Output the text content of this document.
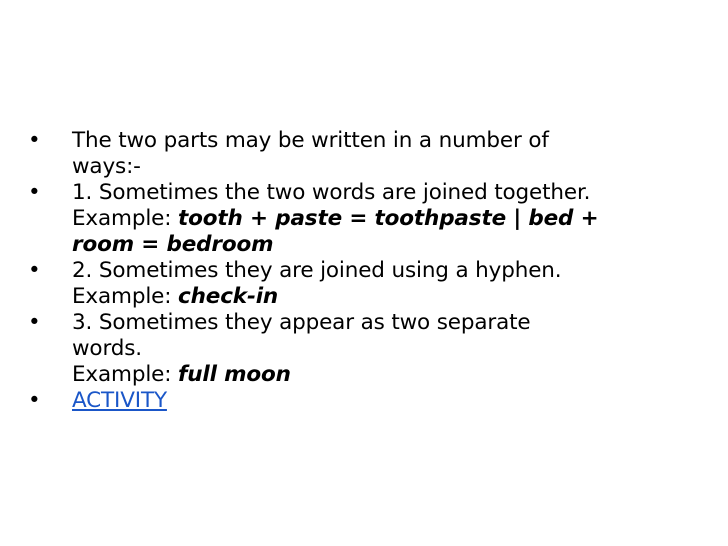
•	The two parts may be written in a number of
ways:-
•	1. Sometimes the two words are joined together.
Example: tooth + paste = toothpaste | bed +
room = bedroom
•	2. Sometimes they are joined using a hyphen.
Example: check-in
•	3. Sometimes they appear as two separate
words.
Example: full moon
•	ACTIVITY
